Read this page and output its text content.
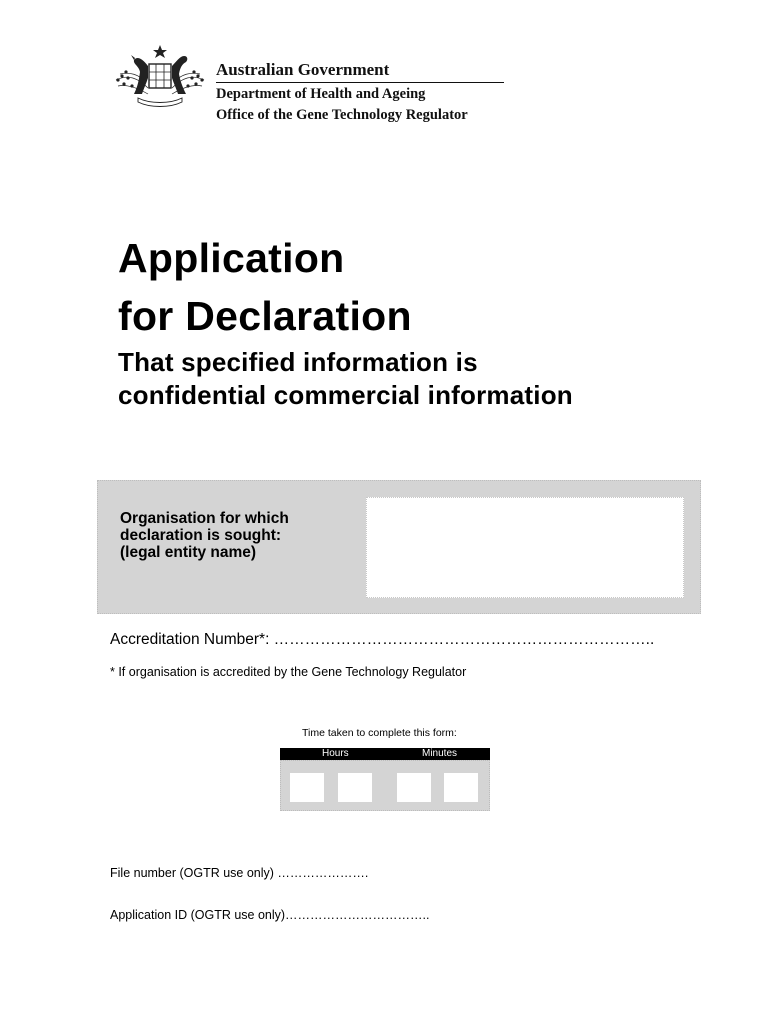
Australian Government
Department of Health and Ageing
Office of the Gene Technology Regulator
Application
for Declaration
That specified information is
confidential commercial information
Organisation for which
declaration is sought:
(legal entity name)
Accreditation Number*: ………………………………………………………………..
* If organisation is accredited by the Gene Technology Regulator
Time taken to complete this form:
Hours	Minutes
File number (OGTR use only) ………………….
Application ID (OGTR use only)……………………………..
